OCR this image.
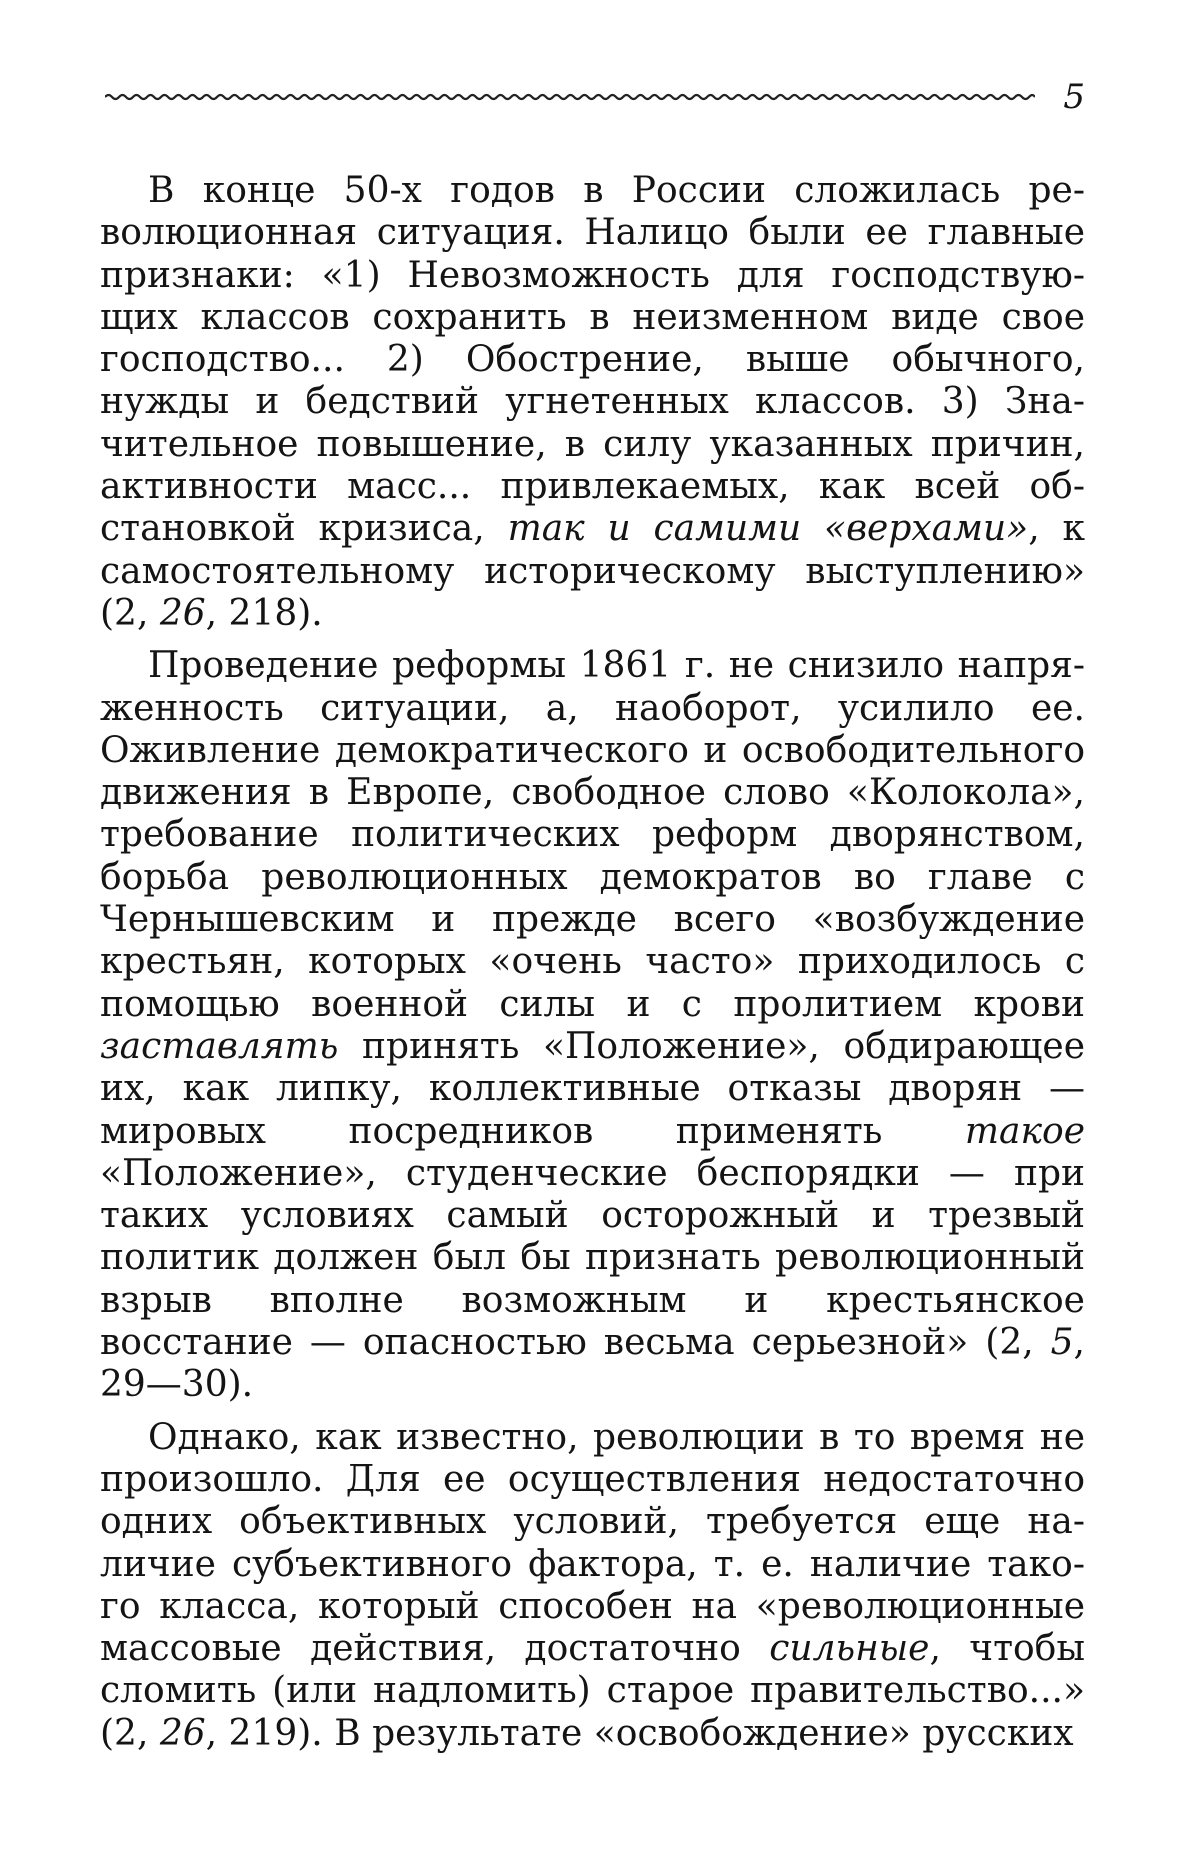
5

В конце 50-х годов в России сложилась революционная ситуация. Налицо были ее главные признаки: «1) Невозможность для господствующих классов сохранить в неизменном виде свое господство... 2) Обострение, выше обычного, нужды и бедствий угнетенных классов. 3) Значительное повышение, в силу указанных причин, активности масс... привлекаемых, как всей обстановкой кризиса, так и самими «верхами», к самостоятельному историческому выступлению» (2, 26, 218).

Проведение реформы 1861 г. не снизило напряженность ситуации, а, наоборот, усилило ее. Оживление демократического и освободительного движения в Европе, свободное слово «Колокола», требование политических реформ дворянством, борьба революционных демократов во главе с Чернышевским и прежде всего «возбуждение крестьян, которых «очень часто» приходилось с помощью военной силы и с пролитием крови заставлять принять «Положение», обдирающее их, как липку, коллективные отказы дворян — мировых посредников применять такое «Положение», студенческие беспорядки — при таких условиях самый осторожный и трезвый политик должен был бы признать революционный взрыв вполне возможным и крестьянское восстание — опасностью весьма серьезной» (2, 5, 29—30).

Однако, как известно, революции в то время не произошло. Для ее осуществления недостаточно одних объективных условий, требуется еще наличие субъективного фактора, т. е. наличие такого класса, который способен на «революционные массовые действия, достаточно сильные, чтобы сломить (или надломить) старое правительство...» (2, 26, 219). В результате «освобождение» русских
